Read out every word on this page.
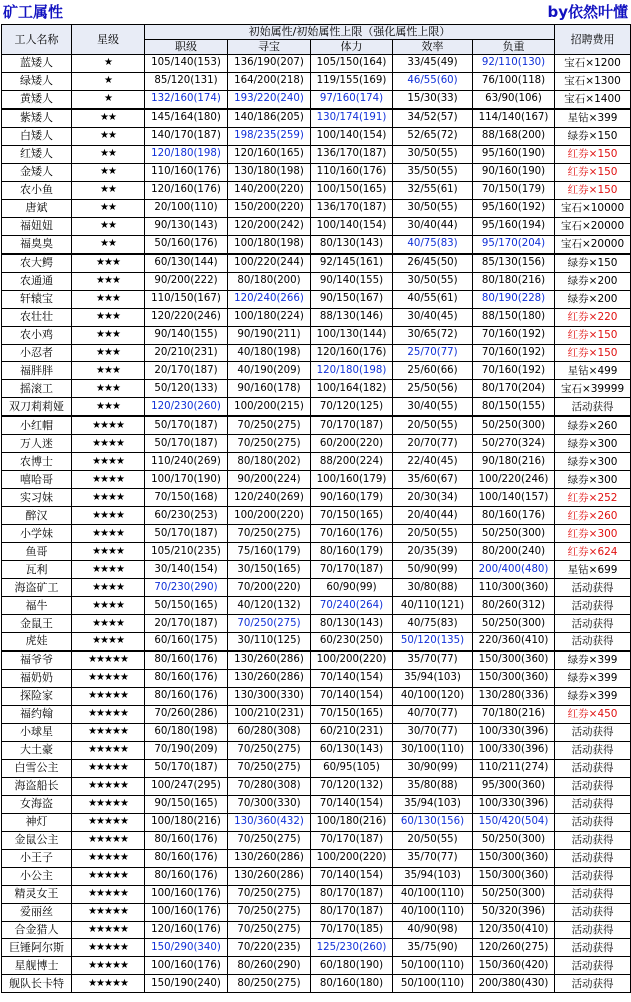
矿工属性	by依然叶懂
工人名称	星级	初始属性/初始属性上限（强化属性上限）					招聘费用
		职级	寻宝	体力	效率	负重	
蓝矮人	★	105/140(153)	136/190(207)	105/150(164)	33/45(49)	92/110(130)	宝石×1200
绿矮人	★	85/120(131)	164/200(218)	119/155(169)	46/55(60)	76/100(118)	宝石×1300
黄矮人	★	132/160(174)	193/220(240)	97/160(174)	15/30(33)	63/90(106)	宝石×1400
紫矮人	★★	145/164(180)	140/186(205)	130/174(191)	34/52(57)	114/140(167)	星钻×399
白矮人	★★	140/170(187)	198/235(259)	100/140(154)	52/65(72)	88/168(200)	绿券×150
红矮人	★★	120/180(198)	120/160(165)	136/170(187)	30/50(55)	95/160(190)	红券×150
金矮人	★★	110/160(176)	130/180(198)	110/160(176)	35/50(55)	90/160(190)	红券×150
农小鱼	★★	120/160(176)	140/200(220)	100/150(165)	32/55(61)	70/150(179)	红券×150
唐斌	★★	20/100(110)	150/200(220)	136/170(187)	30/50(55)	95/160(192)	宝石×10000
福妞妞	★★	90/130(143)	120/200(242)	100/140(154)	30/40(44)	95/160(194)	宝石×20000
福臭臭	★★	50/160(176)	100/180(198)	80/130(143)	40/75(83)	95/170(204)	宝石×20000
农大鳄	★★★	60/130(144)	100/220(244)	92/145(161)	26/45(50)	85/130(156)	绿券×150
农通通	★★★	90/200(222)	80/180(200)	90/140(155)	30/50(55)	80/180(216)	绿券×200
轩辕宝	★★★	110/150(167)	120/240(266)	90/150(167)	40/55(61)	80/190(228)	绿券×200
农壮壮	★★★	120/220(246)	100/180(224)	88/130(146)	30/40(45)	88/150(180)	红券×220
农小鸡	★★★	90/140(155)	90/190(211)	100/130(144)	30/65(72)	70/160(192)	红券×150
小忍者	★★★	20/210(231)	40/180(198)	120/160(176)	25/70(77)	70/160(192)	红券×150
福胖胖	★★★	20/170(187)	40/190(209)	120/180(198)	25/60(66)	70/160(192)	星钻×499
摇滚工	★★★	50/120(133)	90/160(178)	100/164(182)	25/50(56)	80/170(204)	宝石×39999
双刀莉莉娅	★★★	120/230(260)	100/200(215)	70/120(125)	30/40(55)	80/150(155)	活动获得
小红帽	★★★★	50/170(187)	70/250(275)	70/170(187)	20/50(55)	50/250(300)	绿券×260
万人迷	★★★★	50/170(187)	70/250(275)	60/200(220)	20/70(77)	50/270(324)	绿券×300
农博士	★★★★	110/240(269)	80/180(202)	88/200(224)	22/40(45)	90/180(216)	绿券×300
嘻哈哥	★★★★	100/170(190)	90/200(224)	100/160(179)	35/60(67)	100/220(246)	绿券×300
实习妹	★★★★	70/150(168)	120/240(269)	90/160(179)	20/30(34)	100/140(157)	红券×252
醉汉	★★★★	60/230(253)	100/200(220)	70/150(165)	20/40(44)	80/160(176)	红券×260
小学妹	★★★★	50/170(187)	70/250(275)	70/160(176)	20/50(55)	50/250(300)	红券×300
鱼哥	★★★★	105/210(235)	75/160(179)	80/160(179)	20/35(39)	80/200(240)	红券×624
瓦利	★★★★	30/140(154)	30/150(165)	70/170(187)	50/90(99)	200/400(480)	星钻×699
海盗矿工	★★★★	70/230(290)	70/200(220)	60/90(99)	30/80(88)	110/300(360)	活动获得
福牛	★★★★	50/150(165)	40/120(132)	70/240(264)	40/110(121)	80/260(312)	活动获得
金鼠王	★★★★	20/170(187)	70/250(275)	80/130(143)	40/75(83)	50/250(300)	活动获得
虎娃	★★★★	60/160(175)	30/110(125)	60/230(250)	50/120(135)	220/360(410)	活动获得
福爷爷	★★★★★	80/160(176)	130/260(286)	100/200(220)	35/70(77)	150/300(360)	绿券×399
福奶奶	★★★★★	80/160(176)	130/260(286)	70/140(154)	35/94(103)	150/300(360)	绿券×399
探险家	★★★★★	80/160(176)	130/300(330)	70/140(154)	40/100(120)	130/280(336)	绿券×399
福约翰	★★★★★	70/260(286)	100/210(231)	70/150(165)	40/70(77)	70/180(216)	红券×450
小球星	★★★★★	60/180(198)	60/280(308)	60/210(231)	30/70(77)	100/330(396)	活动获得
大土豪	★★★★★	70/190(209)	70/250(275)	60/130(143)	30/100(110)	100/330(396)	活动获得
白雪公主	★★★★★	50/170(187)	70/250(275)	60/95(105)	30/90(99)	110/211(274)	活动获得
海盗船长	★★★★★	100/247(295)	70/280(308)	70/120(132)	35/80(88)	95/300(360)	活动获得
女海盗	★★★★★	90/150(165)	70/300(330)	70/140(154)	35/94(103)	100/330(396)	活动获得
神灯	★★★★★	100/180(216)	130/360(432)	100/180(216)	60/130(156)	150/420(504)	活动获得
金鼠公主	★★★★★	80/160(176)	70/250(275)	70/170(187)	20/50(55)	50/250(300)	活动获得
小王子	★★★★★	80/160(176)	130/260(286)	100/200(220)	35/70(77)	150/300(360)	活动获得
小公主	★★★★★	80/160(176)	130/260(286)	70/140(154)	35/94(103)	150/300(360)	活动获得
精灵女王	★★★★★	100/160(176)	70/250(275)	80/170(187)	40/100(110)	50/250(300)	活动获得
爱丽丝	★★★★★	100/160(176)	70/250(275)	80/170(187)	40/100(110)	50/320(396)	活动获得
合金猎人	★★★★★	120/160(176)	70/250(275)	70/170(185)	40/90(98)	120/350(410)	活动获得
巨锤阿尔斯	★★★★★	150/290(340)	70/220(235)	125/230(260)	35/75(90)	120/260(275)	活动获得
星舰博士	★★★★★	100/160(176)	80/260(290)	60/180(190)	50/100(110)	150/360(420)	活动获得
舰队长卡特	★★★★★	150/190(240)	80/250(275)	80/160(180)	50/100(110)	200/380(430)	活动获得
